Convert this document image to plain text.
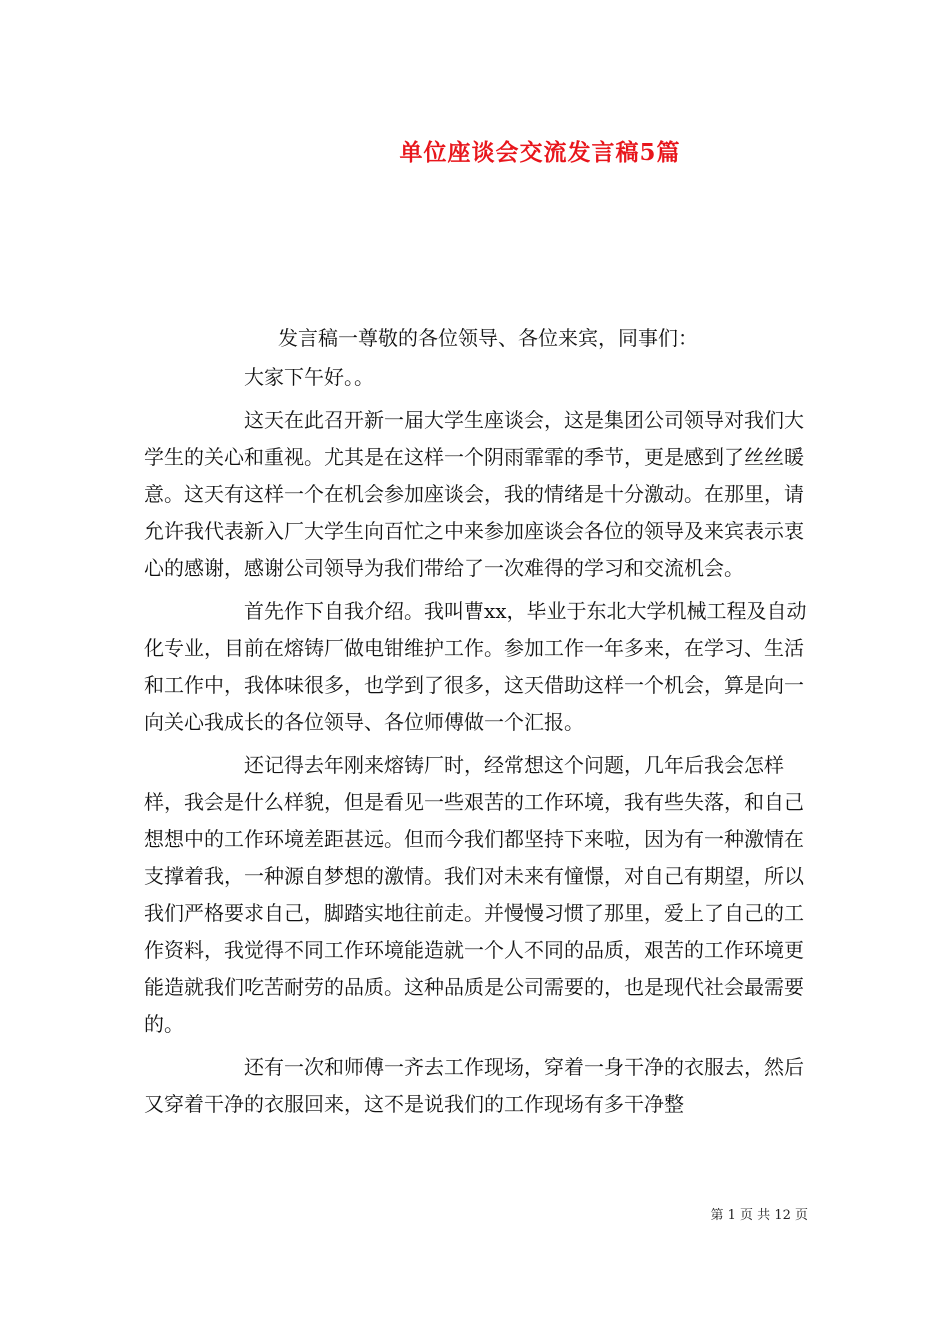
单位座谈会交流发言稿5篇

发言稿一尊敬的各位领导、各位来宾，同事们：

大家下午好。。

这天在此召开新一届大学生座谈会，这是集团公司领导对我们大学生的关心和重视。尤其是在这样一个阴雨霏霏的季节，更是感到了丝丝暖意。这天有这样一个在机会参加座谈会，我的情绪是十分激动。在那里，请允许我代表新入厂大学生向百忙之中来参加座谈会各位的领导及来宾表示衷心的感谢，感谢公司领导为我们带给了一次难得的学习和交流机会。

首先作下自我介绍。我叫曹xx，毕业于东北大学机械工程及自动化专业，目前在熔铸厂做电钳维护工作。参加工作一年多来，在学习、生活和工作中，我体味很多，也学到了很多，这天借助这样一个机会，算是向一向关心我成长的各位领导、各位师傅做一个汇报。

还记得去年刚来熔铸厂时，经常想这个问题，几年后我会怎样样，我会是什么样貌，但是看见一些艰苦的工作环境，我有些失落，和自己想想中的工作环境差距甚远。但而今我们都坚持下来啦，因为有一种激情在支撑着我，一种源自梦想的激情。我们对未来有憧憬，对自己有期望，所以我们严格要求自己，脚踏实地往前走。并慢慢习惯了那里，爱上了自己的工作资料，我觉得不同工作环境能造就一个人不同的品质，艰苦的工作环境更能造就我们吃苦耐劳的品质。这种品质是公司需要的，也是现代社会最需要的。

还有一次和师傅一齐去工作现场，穿着一身干净的衣服去，然后又穿着干净的衣服回来，这不是说我们的工作现场有多干净整

第 1 页 共 12 页
